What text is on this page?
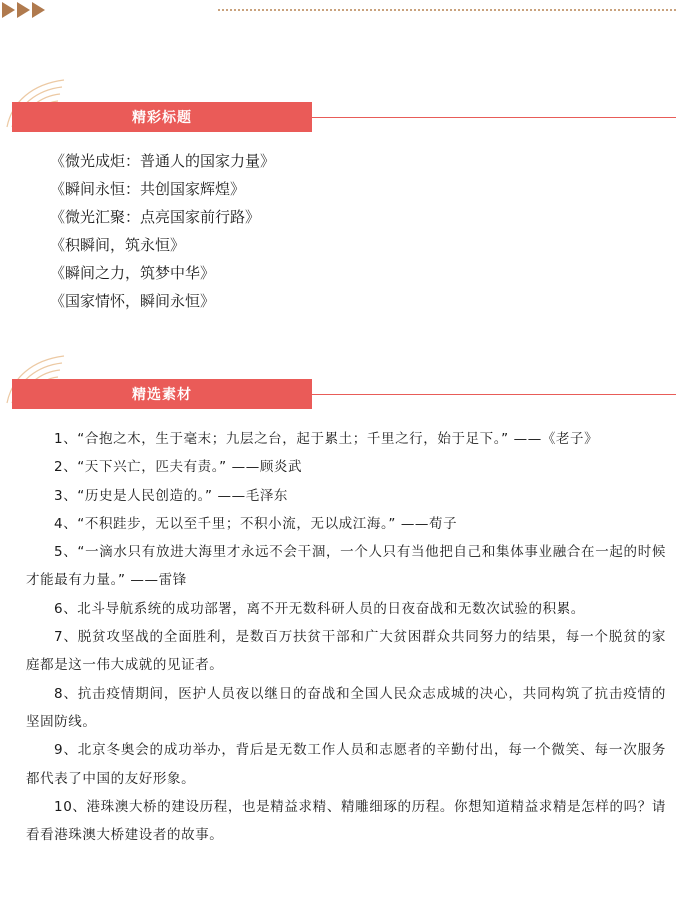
精彩标题
《微光成炬：普通人的国家力量》
《瞬间永恒：共创国家辉煌》
《微光汇聚：点亮国家前行路》
《积瞬间，筑永恒》
《瞬间之力，筑梦中华》
《国家情怀，瞬间永恒》
精选素材

1、“合抱之木，生于毫末；九层之台，起于累土；千里之行，始于足下。” ——《老子》

2、“天下兴亡，匹夫有责。” ——顾炎武

3、“历史是人民创造的。” ——毛泽东

4、“不积跬步，无以至千里；不积小流，无以成江海。” ——荀子

5、“一滴水只有放进大海里才永远不会干涸，一个人只有当他把自己和集体事业融合在一起的时候才能最有力量。” ——雷锋

6、北斗导航系统的成功部署，离不开无数科研人员的日夜奋战和无数次试验的积累。

7、脱贫攻坚战的全面胜利，是数百万扶贫干部和广大贫困群众共同努力的结果，每一个脱贫的家庭都是这一伟大成就的见证者。

8、抗击疫情期间，医护人员夜以继日的奋战和全国人民众志成城的决心，共同构筑了抗击疫情的坚固防线。

9、北京冬奥会的成功举办，背后是无数工作人员和志愿者的辛勤付出，每一个微笑、每一次服务都代表了中国的友好形象。

10、港珠澳大桥的建设历程，也是精益求精、精雕细琢的历程。你想知道精益求精是怎样的吗？请看看港珠澳大桥建设者的故事。
